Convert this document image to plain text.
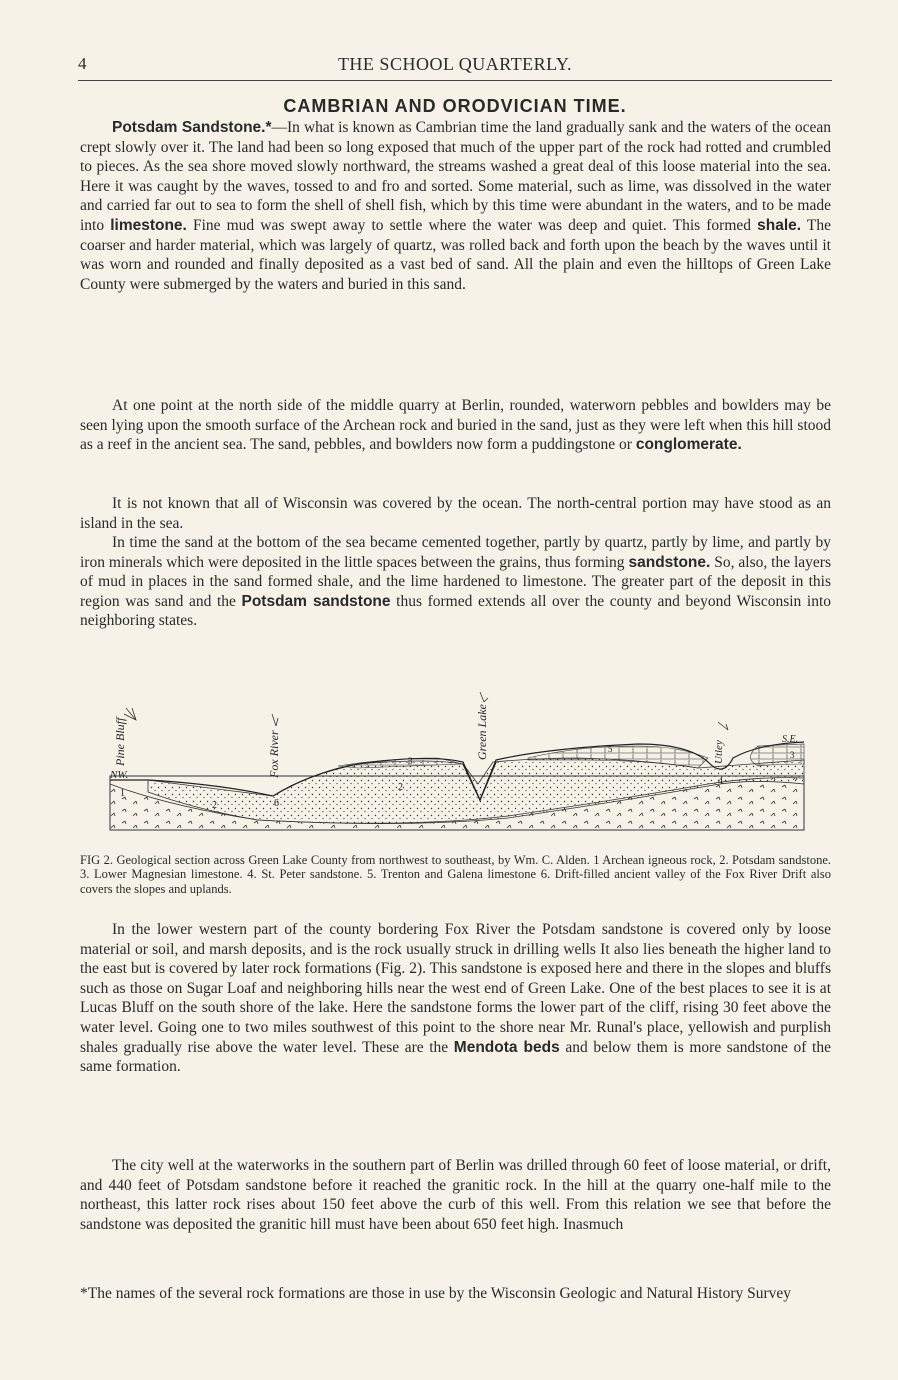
4	THE SCHOOL QUARTERLY.
CAMBRIAN AND ORODVICIAN TIME.

Potsdam Sandstone.*—In what is known as Cambrian time the land gradually sank and the waters of the ocean crept slowly over it. The land had been so long exposed that much of the upper part of the rock had rotted and crumbled to pieces. As the sea shore moved slowly northward, the streams washed a great deal of this loose material into the sea. Here it was caught by the waves, tossed to and fro and sorted. Some material, such as lime, was dissolved in the water and carried far out to sea to form the shell of shell fish, which by this time were abundant in the waters, and to be made into limestone. Fine mud was swept away to settle where the water was deep and quiet. This formed shale. The coarser and harder material, which was largely of quartz, was rolled back and forth upon the beach by the waves until it was worn and rounded and finally deposited as a vast bed of sand. All the plain and even the hilltops of Green Lake County were submerged by the waters and buried in this sand.

At one point at the north side of the middle quarry at Berlin, rounded, waterworn pebbles and bowlders may be seen lying upon the smooth surface of the Archean rock and buried in the sand, just as they were left when this hill stood as a reef in the ancient sea. The sand, pebbles, and bowlders now form a puddingstone or conglomerate.

It is not known that all of Wisconsin was covered by the ocean. The north-central portion may have stood as an island in the sea.

In time the sand at the bottom of the sea became cemented together, partly by quartz, partly by lime, and partly by iron minerals which were deposited in the little spaces between the grains, thus forming sandstone. So, also, the layers of mud in places in the sand formed shale, and the lime hardened to limestone. The greater part of the deposit in this region was sand and the Potsdam sandstone thus formed extends all over the county and beyond Wisconsin into neighboring states.

Pine Bluff	Fox River	Green Lake	Utley
NW.
S.E.
1
2
2
6
3
4
5
3
FIG 2. Geological section across Green Lake County from northwest to southeast, by Wm. C. Alden. 1 Archean igneous rock, 2. Potsdam sandstone. 3. Lower Magnesian limestone. 4. St. Peter sandstone. 5. Trenton and Galena limestone 6. Drift-filled ancient valley of the Fox River Drift also covers the slopes and uplands.

In the lower western part of the county bordering Fox River the Potsdam sandstone is covered only by loose material or soil, and marsh deposits, and is the rock usually struck in drilling wells It also lies beneath the higher land to the east but is covered by later rock formations (Fig. 2). This sandstone is exposed here and there in the slopes and bluffs such as those on Sugar Loaf and neighboring hills near the west end of Green Lake. One of the best places to see it is at Lucas Bluff on the south shore of the lake. Here the sandstone forms the lower part of the cliff, rising 30 feet above the water level. Going one to two miles southwest of this point to the shore near Mr. Runal's place, yellowish and purplish shales gradually rise above the water level. These are the Mendota beds and below them is more sandstone of the same formation.

The city well at the waterworks in the southern part of Berlin was drilled through 60 feet of loose material, or drift, and 440 feet of Potsdam sandstone before it reached the granitic rock. In the hill at the quarry one-half mile to the northeast, this latter rock rises about 150 feet above the curb of this well. From this relation we see that before the sandstone was deposited the granitic hill must have been about 650 feet high. Inasmuch

*The names of the several rock formations are those in use by the Wisconsin Geologic and Natural History Survey
